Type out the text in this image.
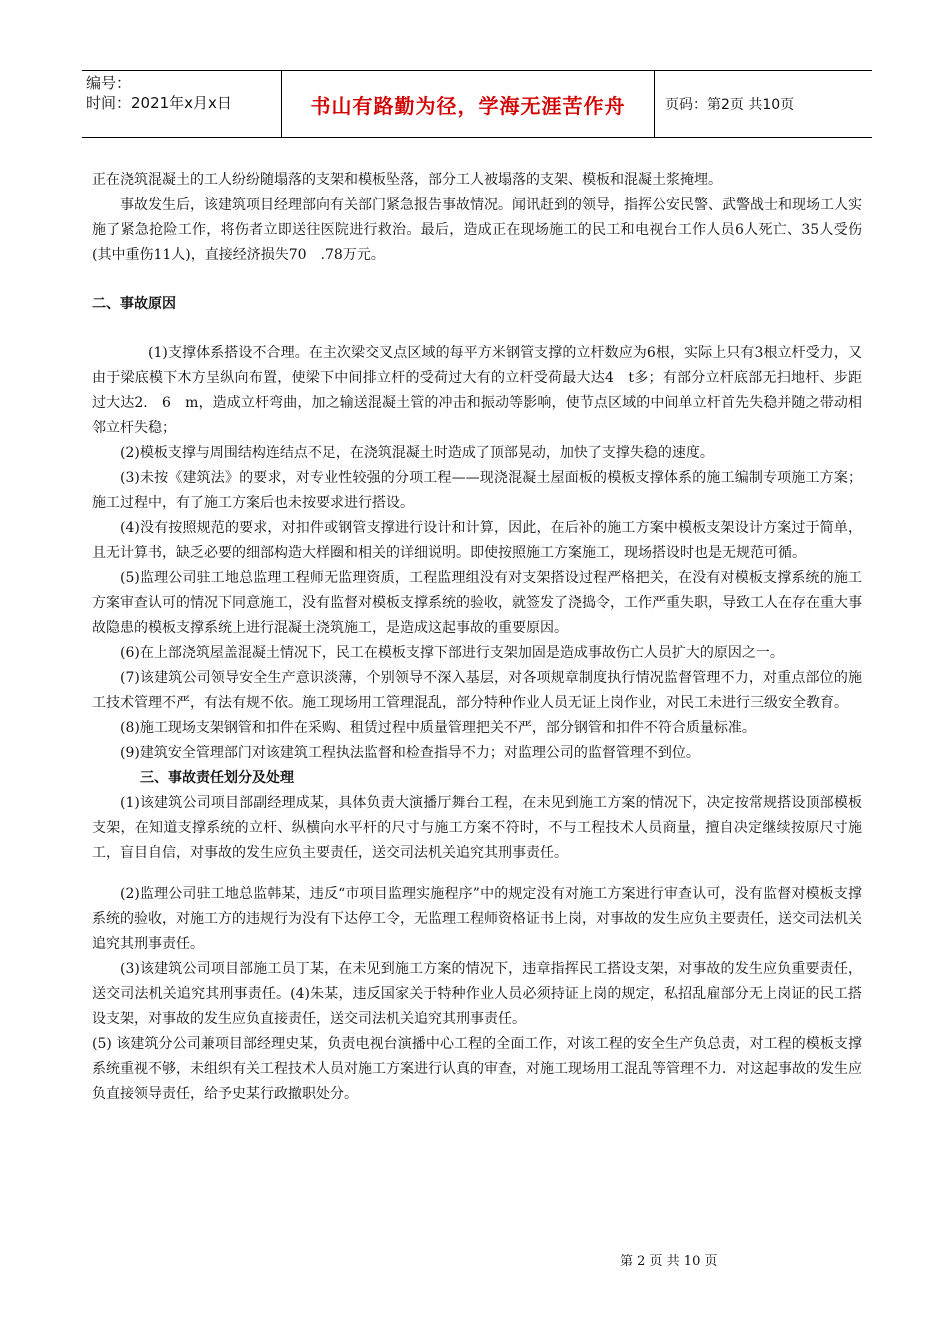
编号：
时间：2021年x月x日	书山有路勤为径，学海无涯苦作舟	页码：第2页 共10页

正在浇筑混凝土的工人纷纷随塌落的支架和模板坠落，部分工人被塌落的支架、模板和混凝土浆掩埋。

事故发生后，该建筑项目经理部向有关部门紧急报告事故情况。闻讯赶到的领导，指挥公安民警、武警战士和现场工人实施了紧急抢险工作，将伤者立即送往医院进行救治。最后，造成正在现场施工的民工和电视台工作人员6人死亡、35人受伤(其中重伤11人)，直接经济损失70　.78万元。

二、事故原因

(1)支撑体系搭设不合理。在主次梁交叉点区域的每平方米钢管支撑的立杆数应为6根，实际上只有3根立杆受力，又由于梁底模下木方呈纵向布置，使梁下中间排立杆的受荷过大有的立杆受荷最大达4　t多；有部分立杆底部无扫地杆、步距过大达2.　6　m，造成立杆弯曲，加之输送混凝土管的冲击和振动等影响，使节点区域的中间单立杆首先失稳并随之带动相邻立杆失稳；

(2)模板支撑与周围结构连结点不足，在浇筑混凝土时造成了顶部晃动，加快了支撑失稳的速度。

(3)未按《建筑法》的要求，对专业性较强的分项工程——现浇混凝土屋面板的模板支撑体系的施工编制专项施工方案；施工过程中，有了施工方案后也未按要求进行搭设。

(4)没有按照规范的要求，对扣件或钢管支撑进行设计和计算，因此，在后补的施工方案中模板支架设计方案过于简单，且无计算书，缺乏必要的细部构造大样圈和相关的详细说明。即使按照施工方案施工，现场搭设时也是无规范可循。

(5)监理公司驻工地总监理工程师无监理资质，工程监理组没有对支架搭设过程严格把关，在没有对模板支撑系统的施工方案审查认可的情况下同意施工，没有监督对模板支撑系统的验收，就签发了浇捣令，工作严重失职，导致工人在存在重大事故隐患的模板支撑系统上进行混凝土浇筑施工，是造成这起事故的重要原因。

(6)在上部浇筑屋盖混凝土情况下，民工在模板支撑下部进行支架加固是造成事故伤亡人员扩大的原因之一。

(7)该建筑公司领导安全生产意识淡薄，个别领导不深入基层，对各项规章制度执行情况监督管理不力，对重点部位的施工技术管理不严，有法有规不依。施工现场用工管理混乱，部分特种作业人员无证上岗作业，对民工未进行三级安全教育。

(8)施工现场支架钢管和扣件在采购、租赁过程中质量管理把关不严，部分钢管和扣件不符合质量标准。

(9)建筑安全管理部门对该建筑工程执法监督和检查指导不力；对监理公司的监督管理不到位。

三、事故责任划分及处理

(1)该建筑公司项目部副经理成某，具体负责大演播厅舞台工程，在未见到施工方案的情况下，决定按常规搭设顶部模板支架，在知道支撑系统的立杆、纵横向水平杆的尺寸与施工方案不符时，不与工程技术人员商量，擅自决定继续按原尺寸施工，盲目自信，对事故的发生应负主要责任，送交司法机关追究其刑事责任。

(2)监理公司驻工地总监韩某，违反“市项目监理实施程序”中的规定没有对施工方案进行审查认可，没有监督对模板支撑系统的验收，对施工方的违规行为没有下达停工令，无监理工程师资格证书上岗，对事故的发生应负主要责任，送交司法机关追究其刑事责任。

(3)该建筑公司项目部施工员丁某，在未见到施工方案的情况下，违章指挥民工搭设支架，对事故的发生应负重要责任，送交司法机关追究其刑事责任。(4)朱某，违反国家关于特种作业人员必须持证上岗的规定，私招乱雇部分无上岗证的民工搭设支架，对事故的发生应负直接责任，送交司法机关追究其刑事责任。

(5) 该建筑分公司兼项目部经理史某，负责电视台演播中心工程的全面工作，对该工程的安全生产负总责，对工程的模板支撑系统重视不够，未组织有关工程技术人员对施工方案进行认真的审查，对施工现场用工混乱等管理不力．对这起事故的发生应负直接领导责任，给予史某行政撤职处分。

第 2 页 共 10 页
